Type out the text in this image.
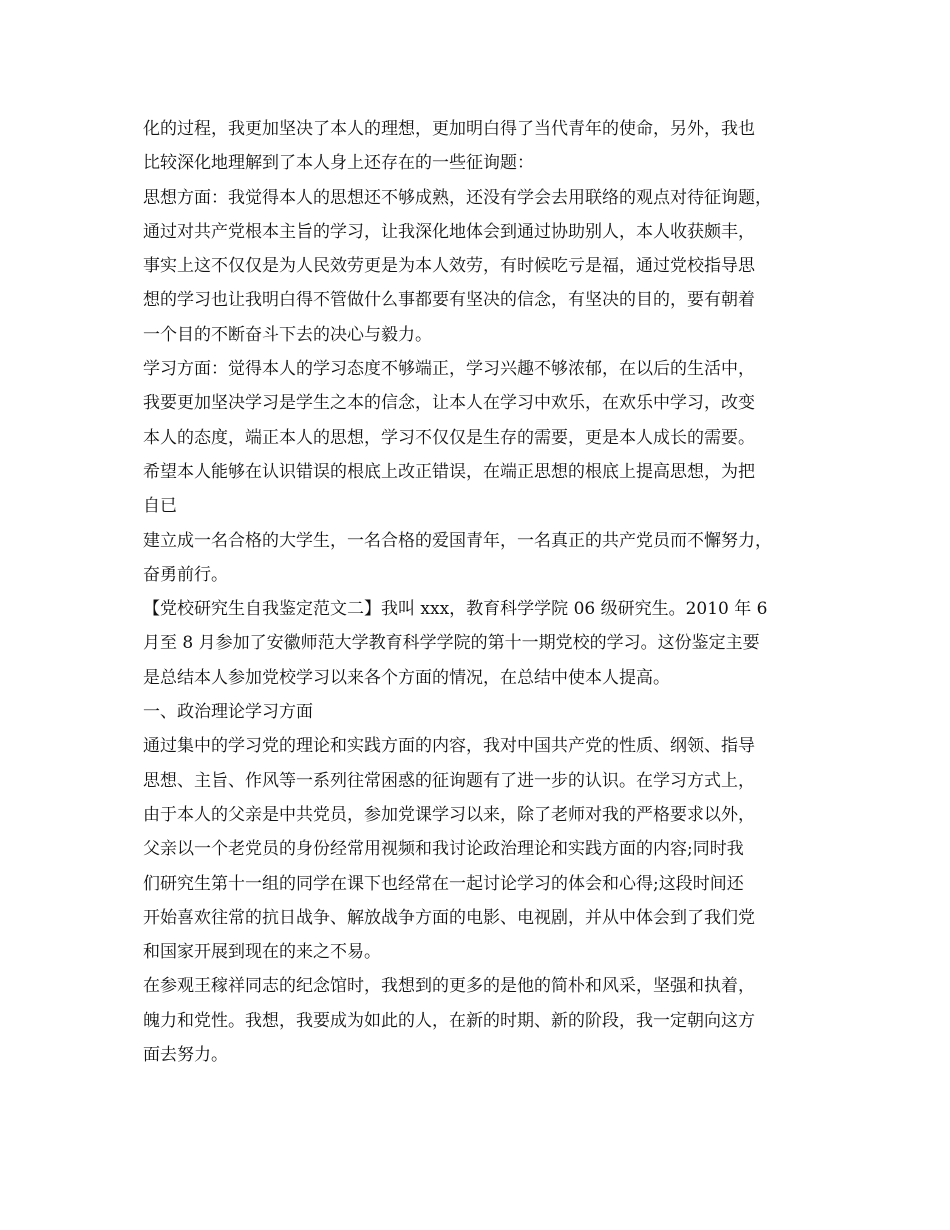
化的过程，我更加坚决了本人的理想，更加明白得了当代青年的使命，另外，我也
比较深化地理解到了本人身上还存在的一些征询题：
思想方面：我觉得本人的思想还不够成熟，还没有学会去用联络的观点对待征询题，
通过对共产党根本主旨的学习，让我深化地体会到通过协助别人，本人收获颇丰，
事实上这不仅仅是为人民效劳更是为本人效劳，有时候吃亏是福，通过党校指导思
想的学习也让我明白得不管做什么事都要有坚决的信念，有坚决的目的，要有朝着
一个目的不断奋斗下去的决心与毅力。
学习方面：觉得本人的学习态度不够端正，学习兴趣不够浓郁，在以后的生活中，
我要更加坚决学习是学生之本的信念，让本人在学习中欢乐，在欢乐中学习，改变
本人的态度，端正本人的思想，学习不仅仅是生存的需要，更是本人成长的需要。
希望本人能够在认识错误的根底上改正错误，在端正思想的根底上提高思想，为把
自已
建立成一名合格的大学生，一名合格的爱国青年，一名真正的共产党员而不懈努力，
奋勇前行。
【党校研究生自我鉴定范文二】我叫 xxx，教育科学学院 06 级研究生。2010 年 6
月至 8 月参加了安徽师范大学教育科学学院的第十一期党校的学习。这份鉴定主要
是总结本人参加党校学习以来各个方面的情况，在总结中使本人提高。
一、政治理论学习方面
通过集中的学习党的理论和实践方面的内容，我对中国共产党的性质、纲领、指导
思想、主旨、作风等一系列往常困惑的征询题有了进一步的认识。在学习方式上，
由于本人的父亲是中共党员，参加党课学习以来，除了老师对我的严格要求以外，
父亲以一个老党员的身份经常用视频和我讨论政治理论和实践方面的内容;同时我
们研究生第十一组的同学在课下也经常在一起讨论学习的体会和心得;这段时间还
开始喜欢往常的抗日战争、解放战争方面的电影、电视剧，并从中体会到了我们党
和国家开展到现在的来之不易。
在参观王稼祥同志的纪念馆时，我想到的更多的是他的简朴和风采，坚强和执着，
魄力和党性。我想，我要成为如此的人，在新的时期、新的阶段，我一定朝向这方
面去努力。
